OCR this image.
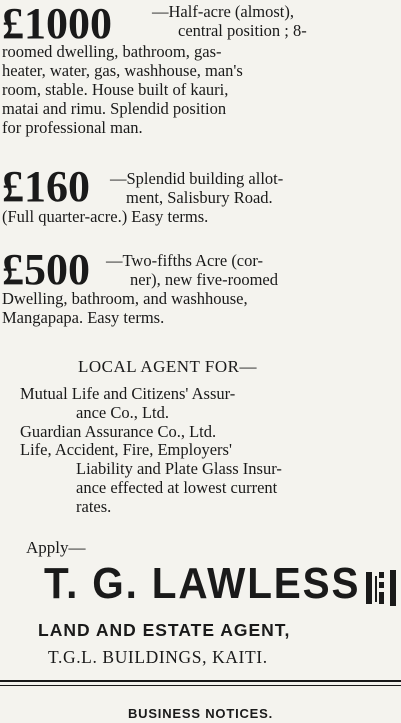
£1000	—Half-acre (almost),
central position ; 8-
roomed dwelling, bathroom, gas-
heater, water, gas, washhouse, man's
room, stable. House built of kauri,
matai and rimu. Splendid position
for professional man.
£160	—Splendid building allot-
ment, Salisbury Road.
(Full quarter-acre.) Easy terms.
£500 —Two-fifths Acre (cor-
ner), new five-roomed
Dwelling, bathroom, and washhouse,
Mangapapa. Easy terms.
LOCAL AGENT FOR—
Mutual Life and Citizens' Assur-
ance Co., Ltd.
Guardian Assurance Co., Ltd.
Life, Accident, Fire, Employers'
Liability and Plate Glass Insur-
ance effected at lowest current
rates.
Apply—
T. G. LAWLESS
LAND AND ESTATE AGENT,
T.G.L. BUILDINGS, KAITI.
BUSINESS NOTICES.
